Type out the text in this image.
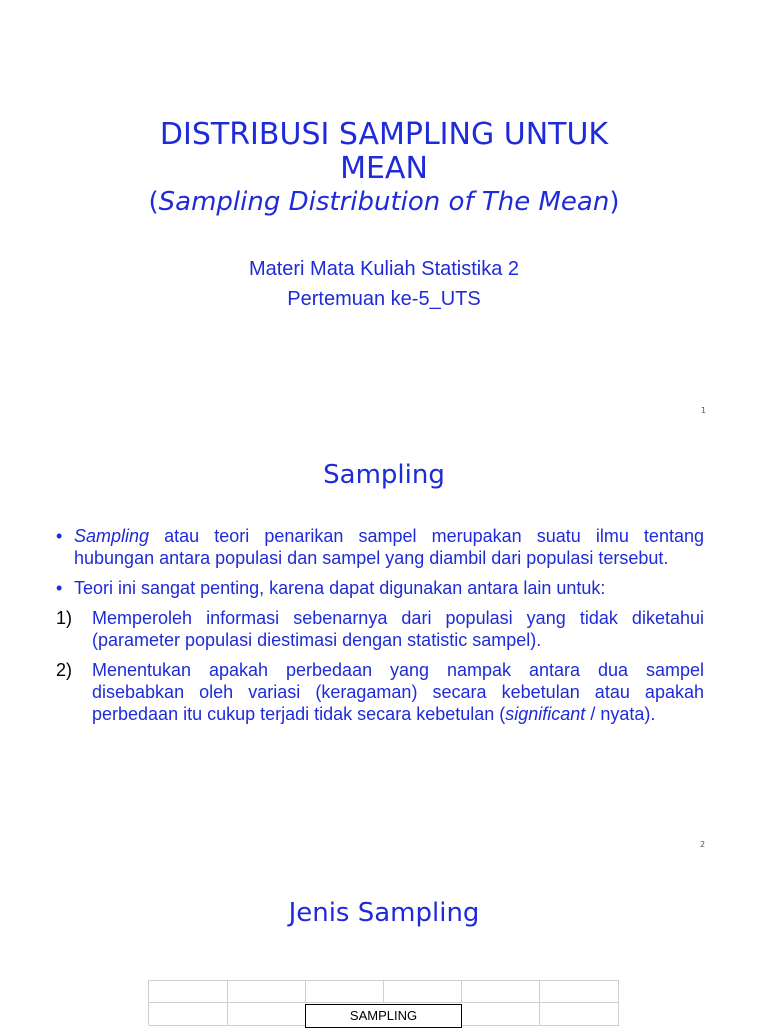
DISTRIBUSI SAMPLING UNTUK
MEAN
(Sampling Distribution of The Mean)
Materi Mata Kuliah Statistika 2
Pertemuan ke-5_UTS
1
Sampling
• Sampling atau teori penarikan sampel merupakan suatu ilmu tentang hubungan antara populasi dan sampel yang diambil dari populasi tersebut.
• Teori ini sangat penting, karena dapat digunakan antara lain untuk:
1) Memperoleh informasi sebenarnya dari populasi yang tidak diketahui (parameter populasi diestimasi dengan statistic sampel).
2) Menentukan apakah perbedaan yang nampak antara dua sampel disebabkan oleh variasi (keragaman) secara kebetulan atau apakah perbedaan itu cukup terjadi tidak secara kebetulan (significant / nyata).
2
Jenis Sampling
SAMPLING
